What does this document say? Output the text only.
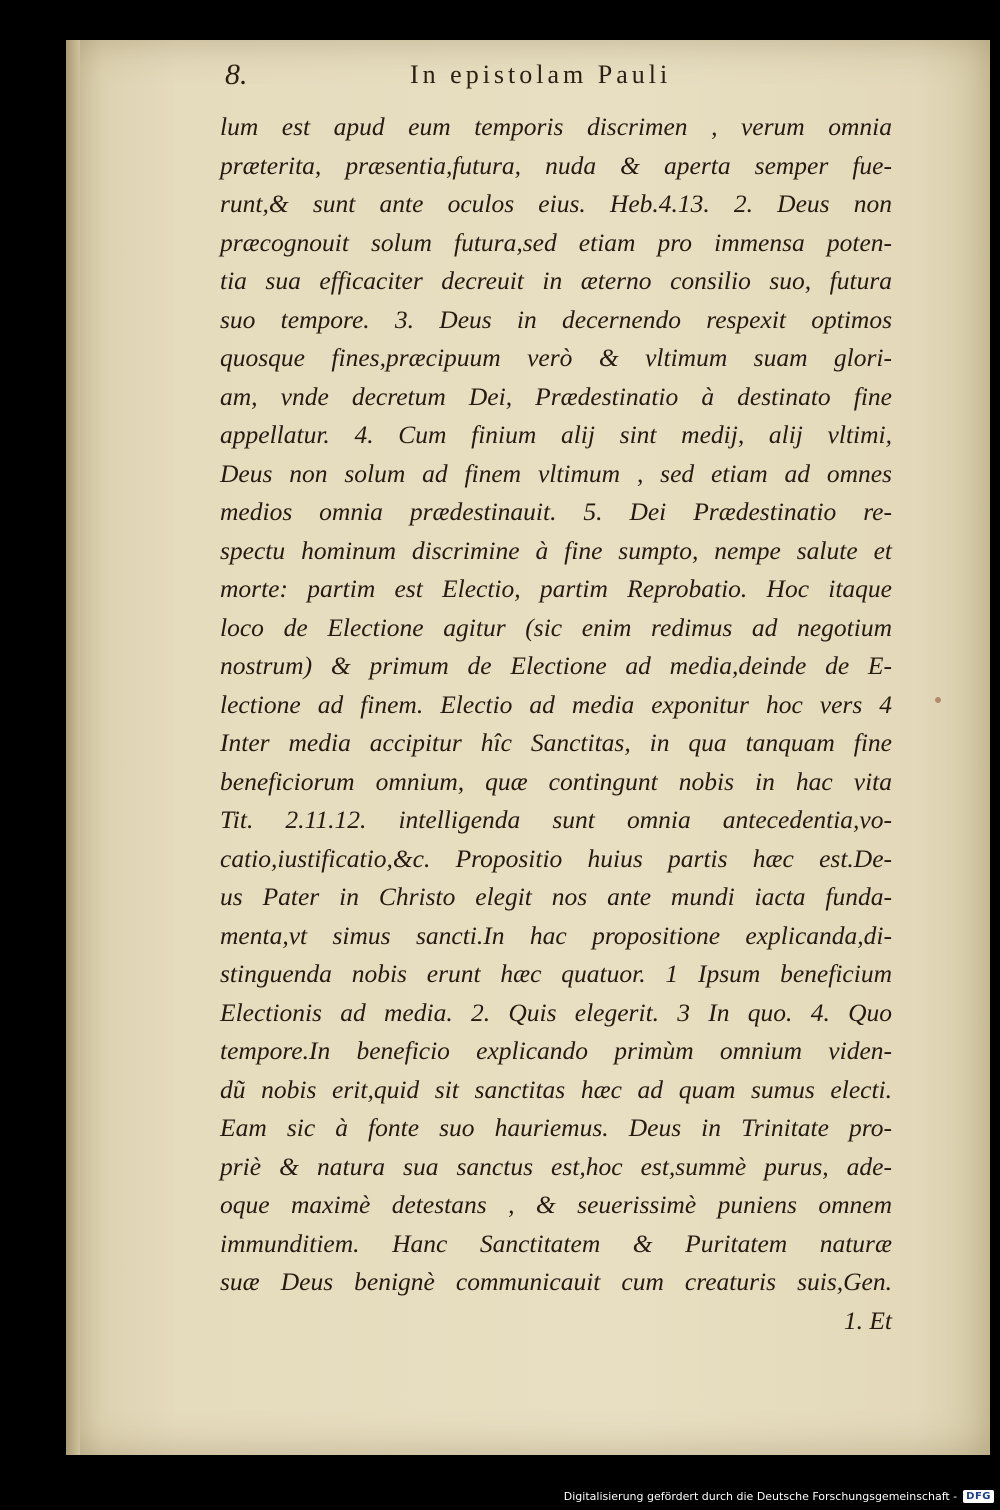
8.	In epistolam Pauli
lum est apud eum temporis discrimen , verum omnia
præterita, præsentia,futura, nuda & aperta semper fue-
runt,& sunt ante oculos eius. Heb.4.13. 2. Deus non
præcognouit solum futura,sed etiam pro immensa poten-
tia sua efficaciter decreuit in æterno consilio suo, futura
suo tempore. 3. Deus in decernendo respexit optimos
quosque fines,præcipuum verò & vltimum suam glori-
am, vnde decretum Dei, Prædestinatio à destinato fine
appellatur. 4. Cum finium alij sint medij, alij vltimi,
Deus non solum ad finem vltimum , sed etiam ad omnes
medios omnia prædestinauit. 5. Dei Prædestinatio re-
spectu hominum discrimine à fine sumpto, nempe salute et
morte: partim est Electio, partim Reprobatio. Hoc itaque
loco de Electione agitur (sic enim redimus ad negotium
nostrum) & primum de Electione ad media,deinde de E-
lectione ad finem. Electio ad media exponitur hoc vers 4
Inter media accipitur hîc Sanctitas, in qua tanquam fine
beneficiorum omnium, quæ contingunt nobis in hac vita
Tit. 2.11.12. intelligenda sunt omnia antecedentia,vo-
catio,iustificatio,&c. Propositio huius partis hæc est.De-
us Pater in Christo elegit nos ante mundi iacta funda-
menta,vt simus sancti.In hac propositione explicanda,di-
stinguenda nobis erunt hæc quatuor. 1 Ipsum beneficium
Electionis ad media. 2. Quis elegerit. 3 In quo. 4. Quo
tempore.In beneficio explicando primùm omnium viden-
dũ nobis erit,quid sit sanctitas hæc ad quam sumus electi.
Eam sic à fonte suo hauriemus. Deus in Trinitate pro-
priè & natura sua sanctus est,hoc est,summè purus, ade-
oque maximè detestans , & seuerissimè puniens omnem
immunditiem. Hanc Sanctitatem & Puritatem naturæ
suæ Deus benignè communicauit cum creaturis suis,Gen.
1. Et
Digitalisierung gefördert durch die Deutsche Forschungsgemeinschaft - DFG
